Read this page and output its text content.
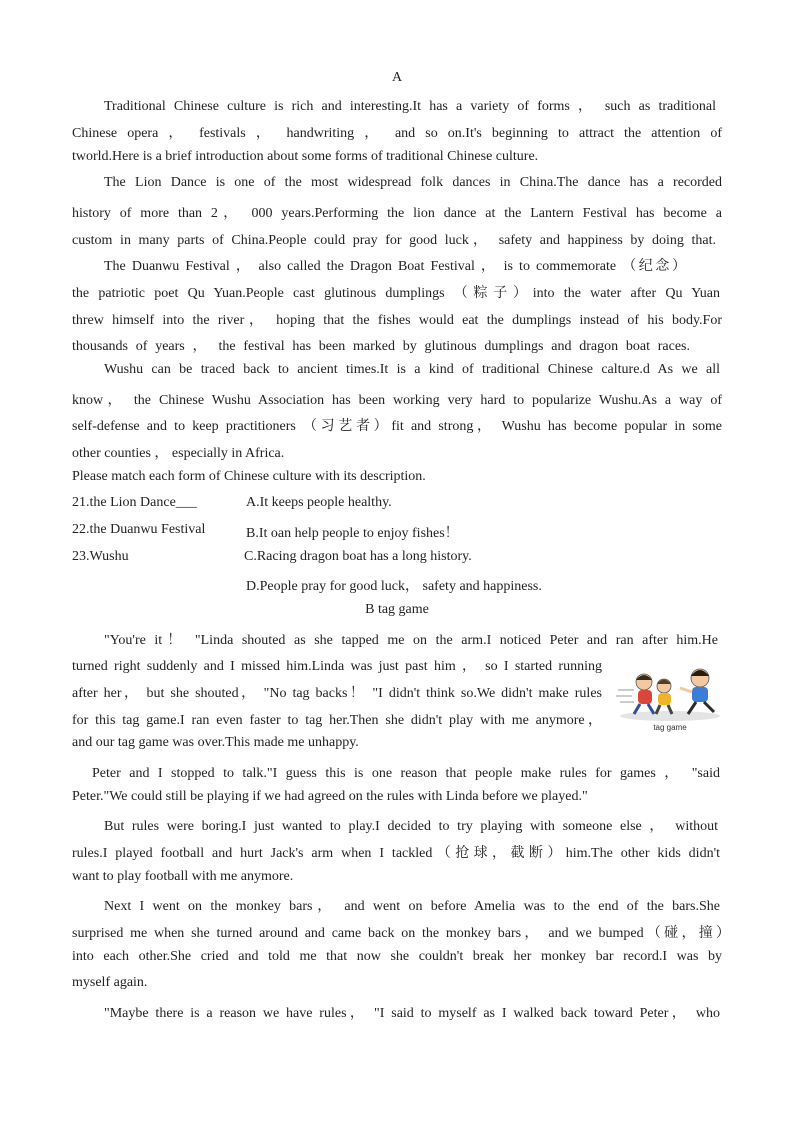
A
Traditional Chinese culture is rich and interesting.It has a variety of forms ， such as traditional
Chinese opera ， festivals ， handwriting ， and so on.It's beginning to attract the attention of
tworld.Here is a brief introduction about some forms of traditional Chinese culture.
The Lion Dance is one of the most widespread folk dances in China.The dance has a recorded
history of more than 2， 000 years.Performing the lion dance at the Lantern Festival has become a
custom in many parts of China.People could pray for good luck， safety and happiness by doing that.
The Duanwu Festival ， also called the Dragon Boat Festival ， is to commemorate （纪念）
the patriotic poet Qu Yuan.People cast glutinous dumplings （粽子）into the water after Qu Yuan
threw himself into the river， hoping that the fishes would eat the dumplings instead of his body.For
thousands of years ， the festival has been marked by glutinous dumplings and dragon boat races.
Wushu can be traced back to ancient times.It is a kind of traditional Chinese calture.d As we all
know， the Chinese Wushu Association has been working very hard to popularize Wushu.As a way of
self-defense and to keep practitioners （习艺者）fit and strong， Wushu has become popular in some
other counties ， especially in Africa.
Please match each form of Chinese culture with its description.
21.the Lion Dance___	A.It keeps people healthy.
22.the Duanwu Festival	B.It oan help people to enjoy fishes！
23.Wushu	C.Racing dragon boat has a long history.
D.People pray for good luck， safety and happiness.
B tag game
"You're it！ "Linda shouted as she tapped me on the arm.I noticed Peter and ran after him.He
turned right suddenly and I missed him.Linda was just past him ， so I started running
after her， but she shouted， "No tag backs！ "I didn't think so.We didn't make rules
for this tag game.I ran even faster to tag her.Then she didn't play with me anymore，
and our tag game was over.This made me unhappy.
tag game
Peter and I stopped to talk."I guess this is one reason that people make rules for games ， "said
Peter."We could still be playing if we had agreed on the rules with Linda before we played."
But rules were boring.I just wanted to play.I decided to try playing with someone else ， without
rules.I played football and hurt Jack's arm when I tackled（抢球，截断）him.The other kids didn't
want to play football with me anymore.
Next I went on the monkey bars， and went on before Amelia was to the end of the bars.She
surprised me when she turned around and came back on the monkey bars， and we bumped（碰，撞）
into each other.She cried and told me that now she couldn't break her monkey bar record.I was by
myself again.
"Maybe there is a reason we have rules， "I said to myself as I walked back toward Peter， who
